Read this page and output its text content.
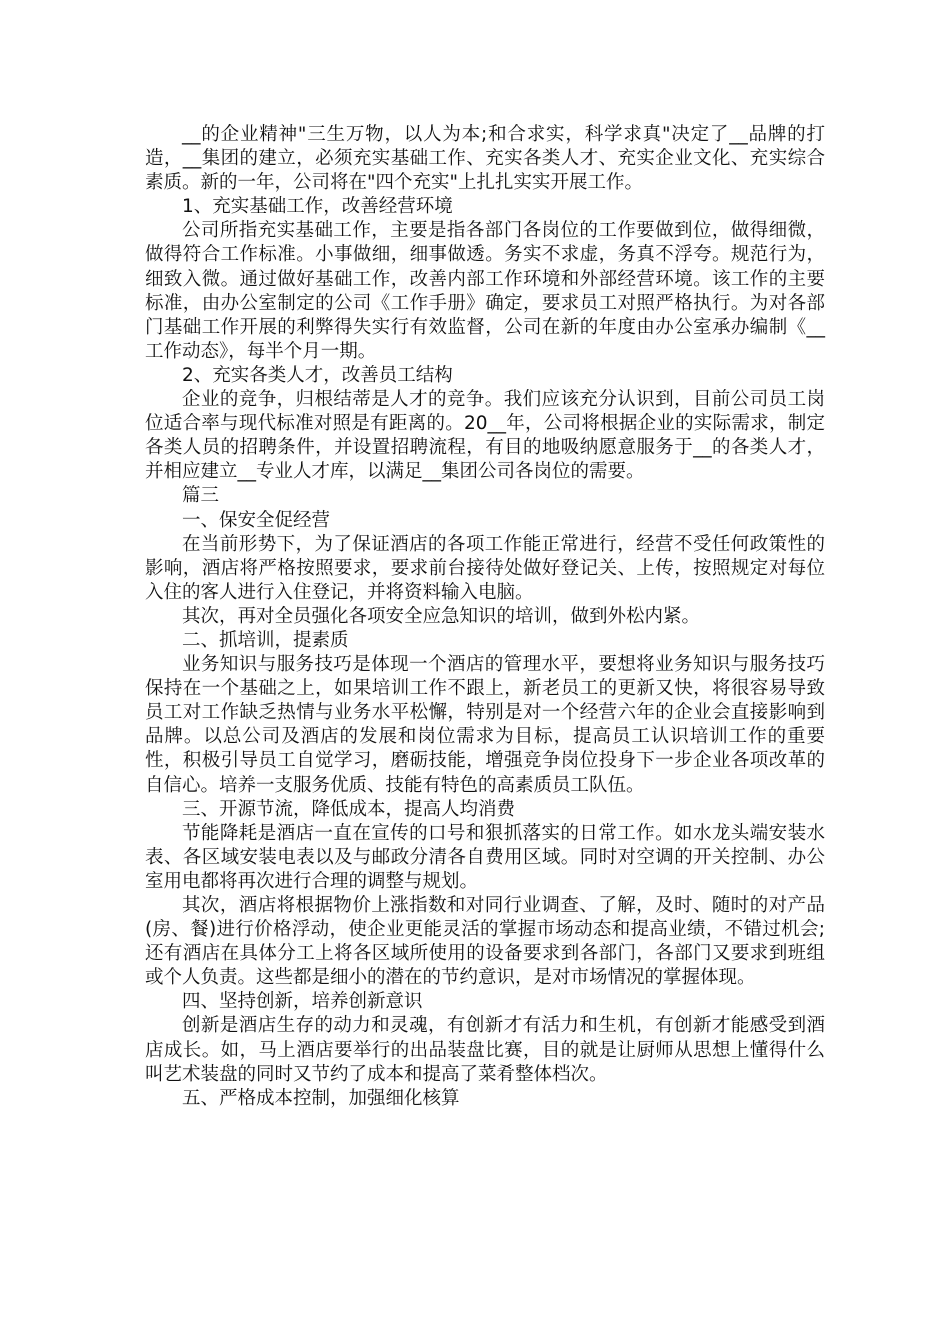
__的企业精神"三生万物，以人为本;和合求实，科学求真"决定了__品牌的打造，__集团的建立，必须充实基础工作、充实各类人才、充实企业文化、充实综合素质。新的一年，公司将在"四个充实"上扎扎实实开展工作。

1、充实基础工作，改善经营环境

公司所指充实基础工作，主要是指各部门各岗位的工作要做到位，做得细微，做得符合工作标准。小事做细，细事做透。务实不求虚，务真不浮夸。规范行为，细致入微。通过做好基础工作，改善内部工作环境和外部经营环境。该工作的主要标准，由办公室制定的公司《工作手册》确定，要求员工对照严格执行。为对各部门基础工作开展的利弊得失实行有效监督，公司在新的年度由办公室承办编制《__工作动态》，每半个月一期。

2、充实各类人才，改善员工结构

企业的竞争，归根结蒂是人才的竞争。我们应该充分认识到，目前公司员工岗位适合率与现代标准对照是有距离的。20__年，公司将根据企业的实际需求，制定各类人员的招聘条件，并设置招聘流程，有目的地吸纳愿意服务于__的各类人才，并相应建立__专业人才库，以满足__集团公司各岗位的需要。

篇三

一、保安全促经营

在当前形势下，为了保证酒店的各项工作能正常进行，经营不受任何政策性的影响，酒店将严格按照要求，要求前台接待处做好登记关、上传，按照规定对每位入住的客人进行入住登记，并将资料输入电脑。

其次，再对全员强化各项安全应急知识的培训，做到外松内紧。

二、抓培训，提素质

业务知识与服务技巧是体现一个酒店的管理水平，要想将业务知识与服务技巧保持在一个基础之上，如果培训工作不跟上，新老员工的更新又快，将很容易导致员工对工作缺乏热情与业务水平松懈，特别是对一个经营六年的企业会直接影响到品牌。以总公司及酒店的发展和岗位需求为目标，提高员工认识培训工作的重要性，积极引导员工自觉学习，磨砺技能，增强竞争岗位投身下一步企业各项改革的自信心。培养一支服务优质、技能有特色的高素质员工队伍。

三、开源节流，降低成本，提高人均消费

节能降耗是酒店一直在宣传的口号和狠抓落实的日常工作。如水龙头端安装水表、各区域安装电表以及与邮政分清各自费用区域。同时对空调的开关控制、办公室用电都将再次进行合理的调整与规划。

其次，酒店将根据物价上涨指数和对同行业调查、了解，及时、随时的对产品(房、餐)进行价格浮动，使企业更能灵活的掌握市场动态和提高业绩，不错过机会;还有酒店在具体分工上将各区域所使用的设备要求到各部门，各部门又要求到班组或个人负责。这些都是细小的潜在的节约意识，是对市场情况的掌握体现。

四、坚持创新，培养创新意识

创新是酒店生存的动力和灵魂，有创新才有活力和生机，有创新才能感受到酒店成长。如，马上酒店要举行的出品装盘比赛，目的就是让厨师从思想上懂得什么叫艺术装盘的同时又节约了成本和提高了菜肴整体档次。

五、严格成本控制，加强细化核算
